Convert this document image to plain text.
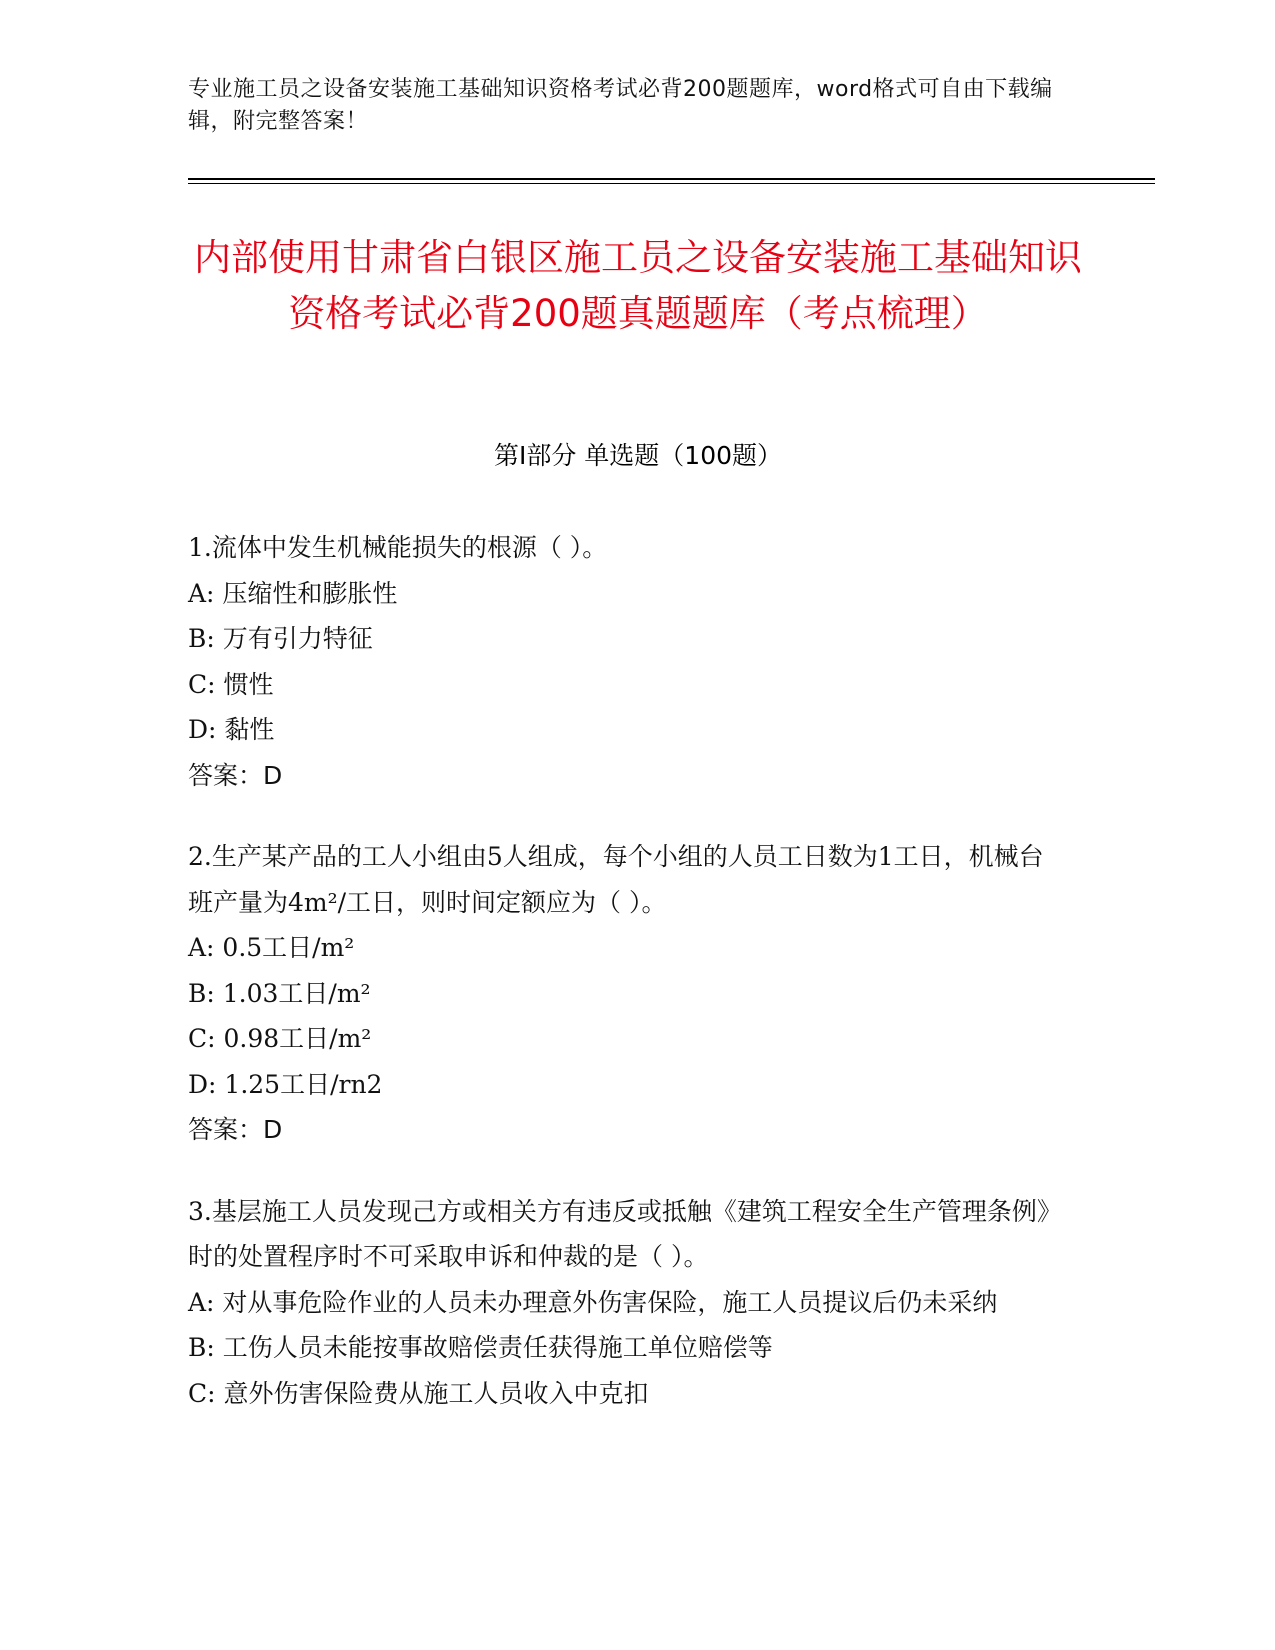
专业施工员之设备安装施工基础知识资格考试必背200题题库，word格式可自由下载编辑，附完整答案！
内部使用甘肃省白银区施工员之设备安装施工基础知识资格考试必背200题真题题库（考点梳理）
第Ⅰ部分 单选题（100题）
1.流体中发生机械能损失的根源（ ）。
A: 压缩性和膨胀性
B: 万有引力特征
C: 惯性
D: 黏性
答案：D
2.生产某产品的工人小组由5人组成，每个小组的人员工日数为1工日，机械台班产量为4m²/工日，则时间定额应为（ ）。
A: 0.5工日/m²
B: 1.03工日/m²
C: 0.98工日/m²
D: 1.25工日/rn2
答案：D
3.基层施工人员发现己方或相关方有违反或抵触《建筑工程安全生产管理条例》时的处置程序时不可采取申诉和仲裁的是（ ）。
A: 对从事危险作业的人员未办理意外伤害保险，施工人员提议后仍未采纳
B: 工伤人员未能按事故赔偿责任获得施工单位赔偿等
C: 意外伤害保险费从施工人员收入中克扣
